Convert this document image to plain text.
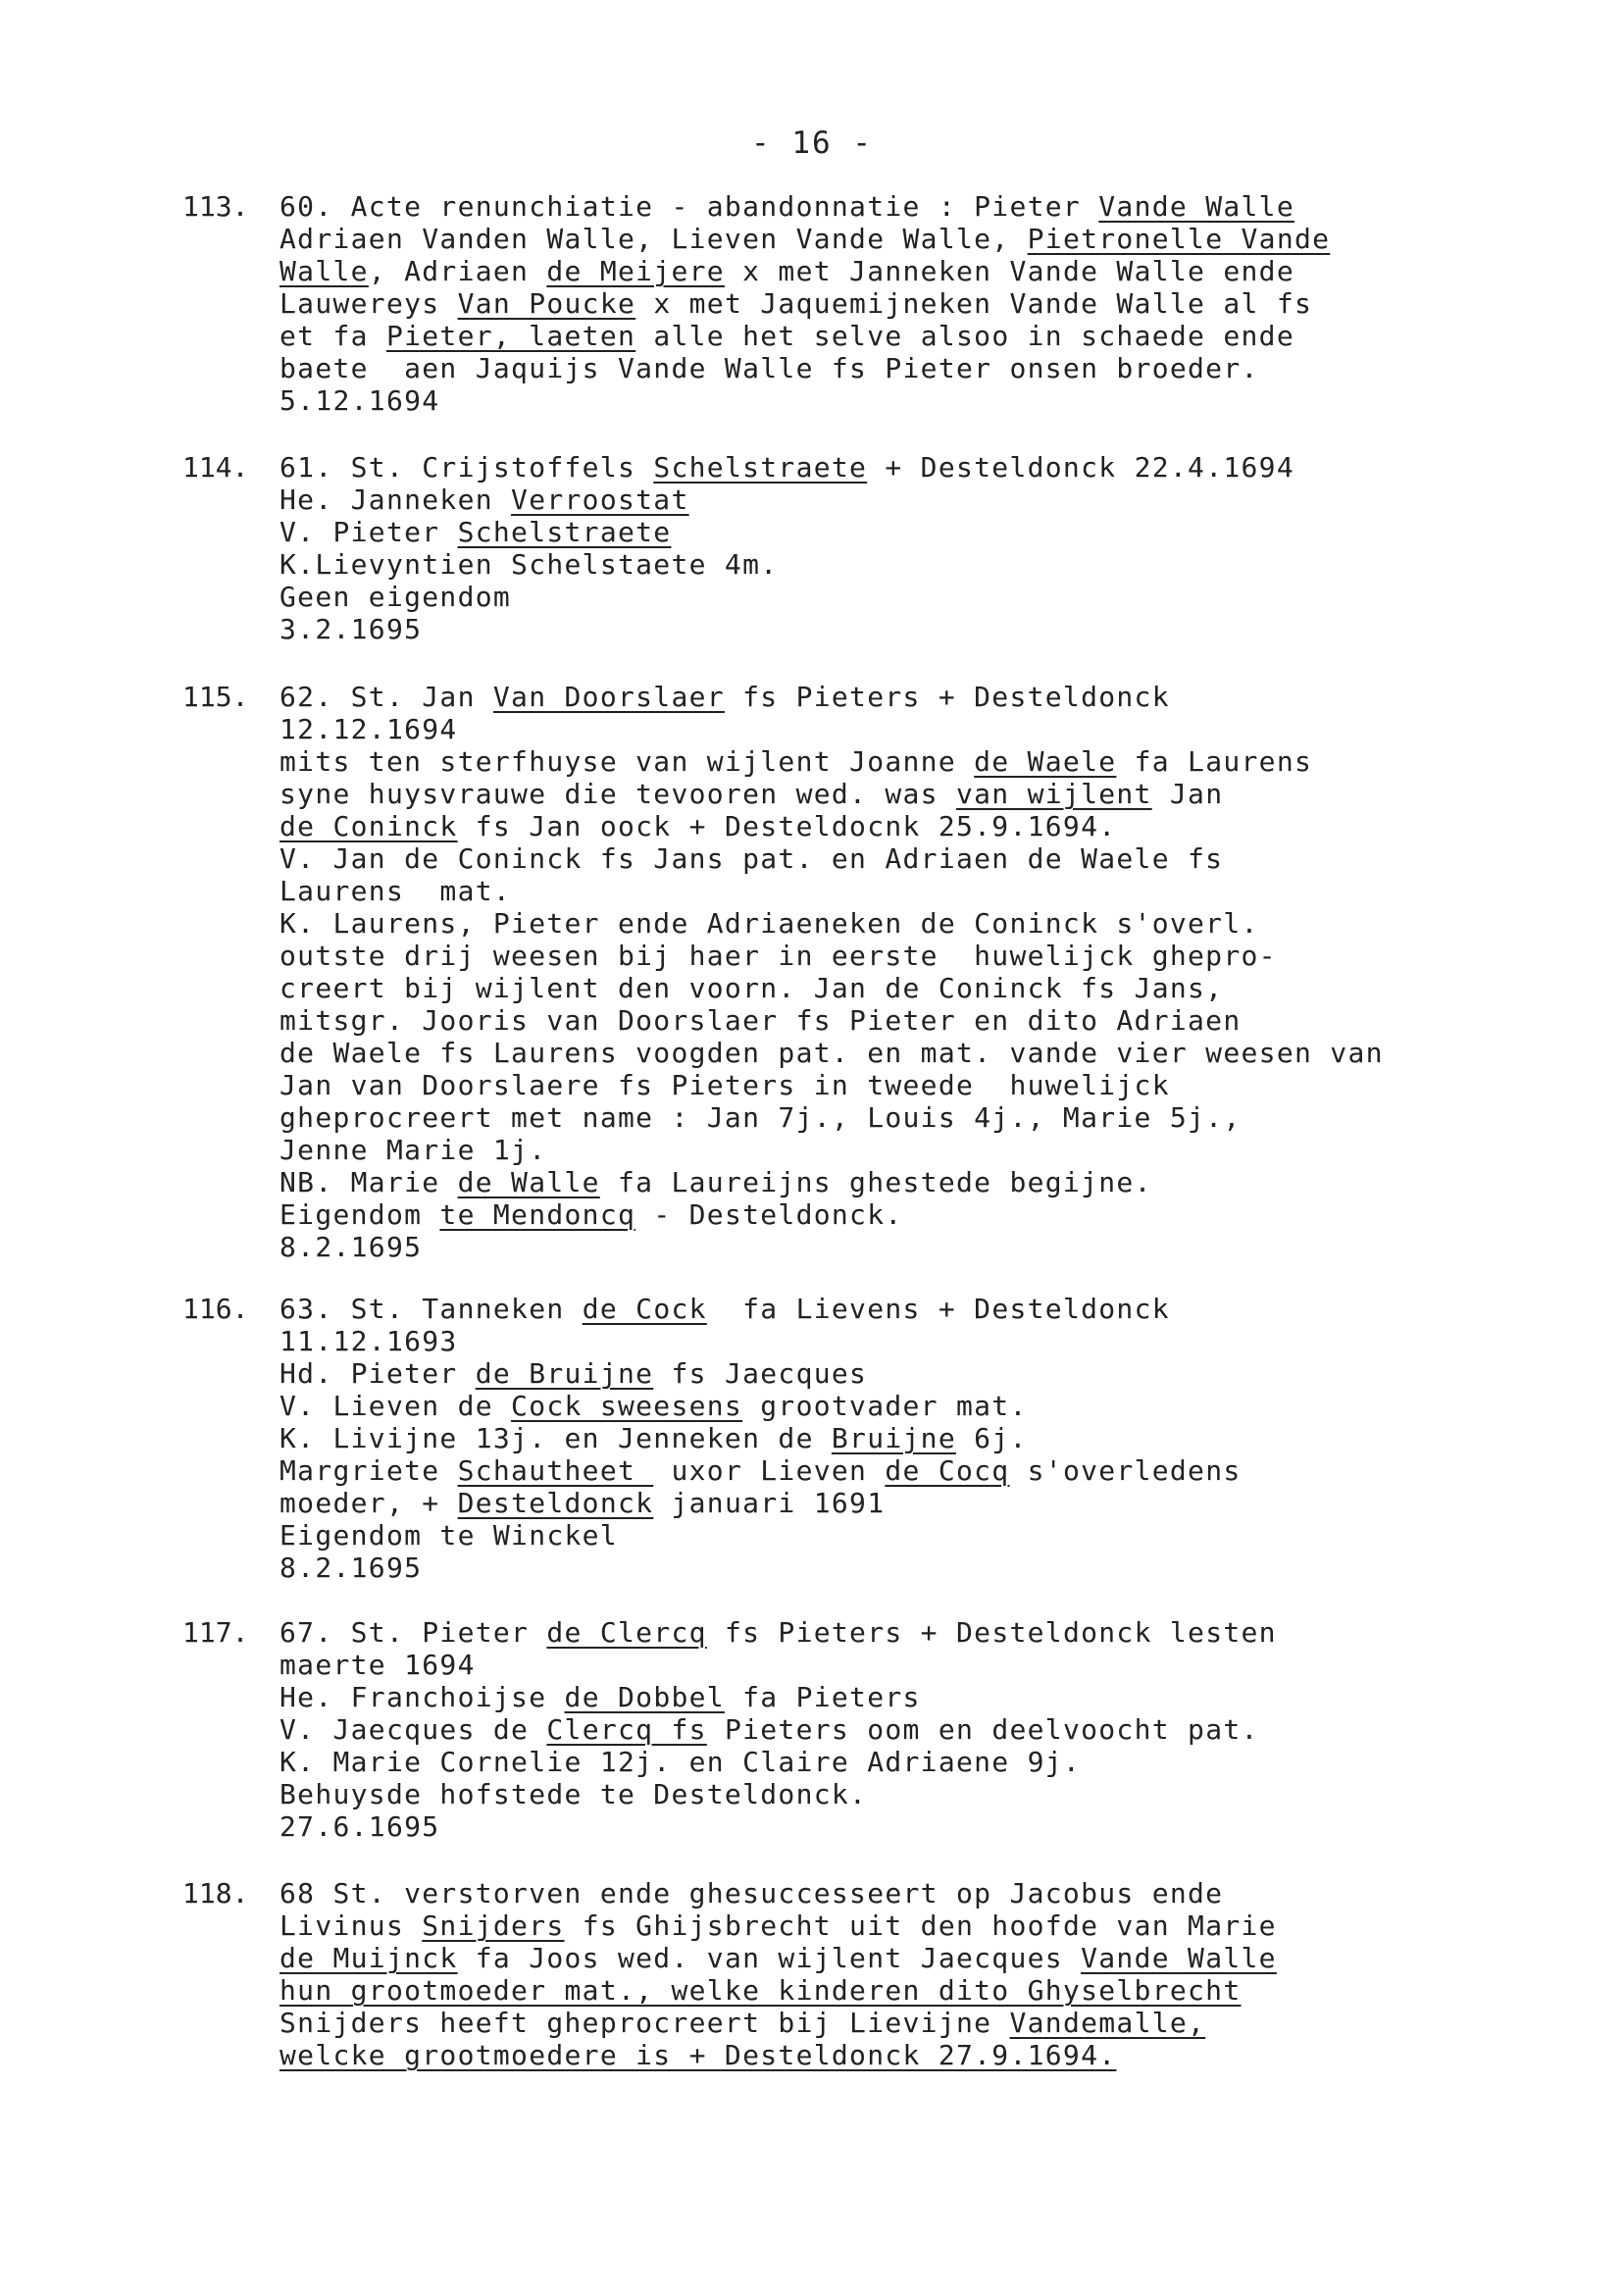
- 16 -
113. 60. Acte renunchiatie - abandonnatie : Pieter Vande Walle
Adriaen Vanden Walle, Lieven Vande Walle, Pietronelle Vande
Walle, Adriaen de Meijere x met Janneken Vande Walle ende
Lauwereys Van Poucke x met Jaquemijneken Vande Walle al fs
et fa Pieter, laeten alle het selve alsoo in schaede ende
baete  aen Jaquijs Vande Walle fs Pieter onsen broeder.
5.12.1694
114. 61. St. Crijstoffels Schelstraete + Desteldonck 22.4.1694
He. Janneken Verroostat
V. Pieter Schelstraete
K.Lievyntien Schelstaete 4m.
Geen eigendom
3.2.1695
115. 62. St. Jan Van Doorslaer fs Pieters + Desteldonck
12.12.1694
mits ten sterfhuyse van wijlent Joanne de Waele fa Laurens
syne huysvrauwe die tevooren wed. was van wijlent Jan
de Coninck fs Jan oock + Desteldocnk 25.9.1694.
V. Jan de Coninck fs Jans pat. en Adriaen de Waele fs
Laurens  mat.
K. Laurens, Pieter ende Adriaeneken de Coninck s'overl.
outste drij weesen bij haer in eerste  huwelijck ghepro-
creert bij wijlent den voorn. Jan de Coninck fs Jans,
mitsgr. Jooris van Doorslaer fs Pieter en dito Adriaen
de Waele fs Laurens voogden pat. en mat. vande vier weesen van
Jan van Doorslaere fs Pieters in tweede  huwelijck
gheprocreert met name : Jan 7j., Louis 4j., Marie 5j.,
Jenne Marie 1j.
NB. Marie de Walle fa Laureijns ghestede begijne.
Eigendom te Mendoncq - Desteldonck.
8.2.1695
116. 63. St. Tanneken de Cock  fa Lievens + Desteldonck
11.12.1693
Hd. Pieter de Bruijne fs Jaecques
V. Lieven de Cock sweesens grootvader mat.
K. Livijne 13j. en Jenneken de Bruijne 6j.
Margriete Schautheet  uxor Lieven de Cocq s'overledens
moeder, + Desteldonck januari 1691
Eigendom te Winckel
8.2.1695
117. 67. St. Pieter de Clercq fs Pieters + Desteldonck lesten
maerte 1694
He. Franchoijse de Dobbel fa Pieters
V. Jaecques de Clercq fs Pieters oom en deelvoocht pat.
K. Marie Cornelie 12j. en Claire Adriaene 9j.
Behuysde hofstede te Desteldonck.
27.6.1695
118. 68 St. verstorven ende ghesuccesseert op Jacobus ende
Livinus Snijders fs Ghijsbrecht uit den hoofde van Marie
de Muijnck fa Joos wed. van wijlent Jaecques Vande Walle
hun grootmoeder mat., welke kinderen dito Ghyselbrecht
Snijders heeft gheprocreert bij Lievijne Vandemalle,
welcke grootmoedere is + Desteldonck 27.9.1694.
